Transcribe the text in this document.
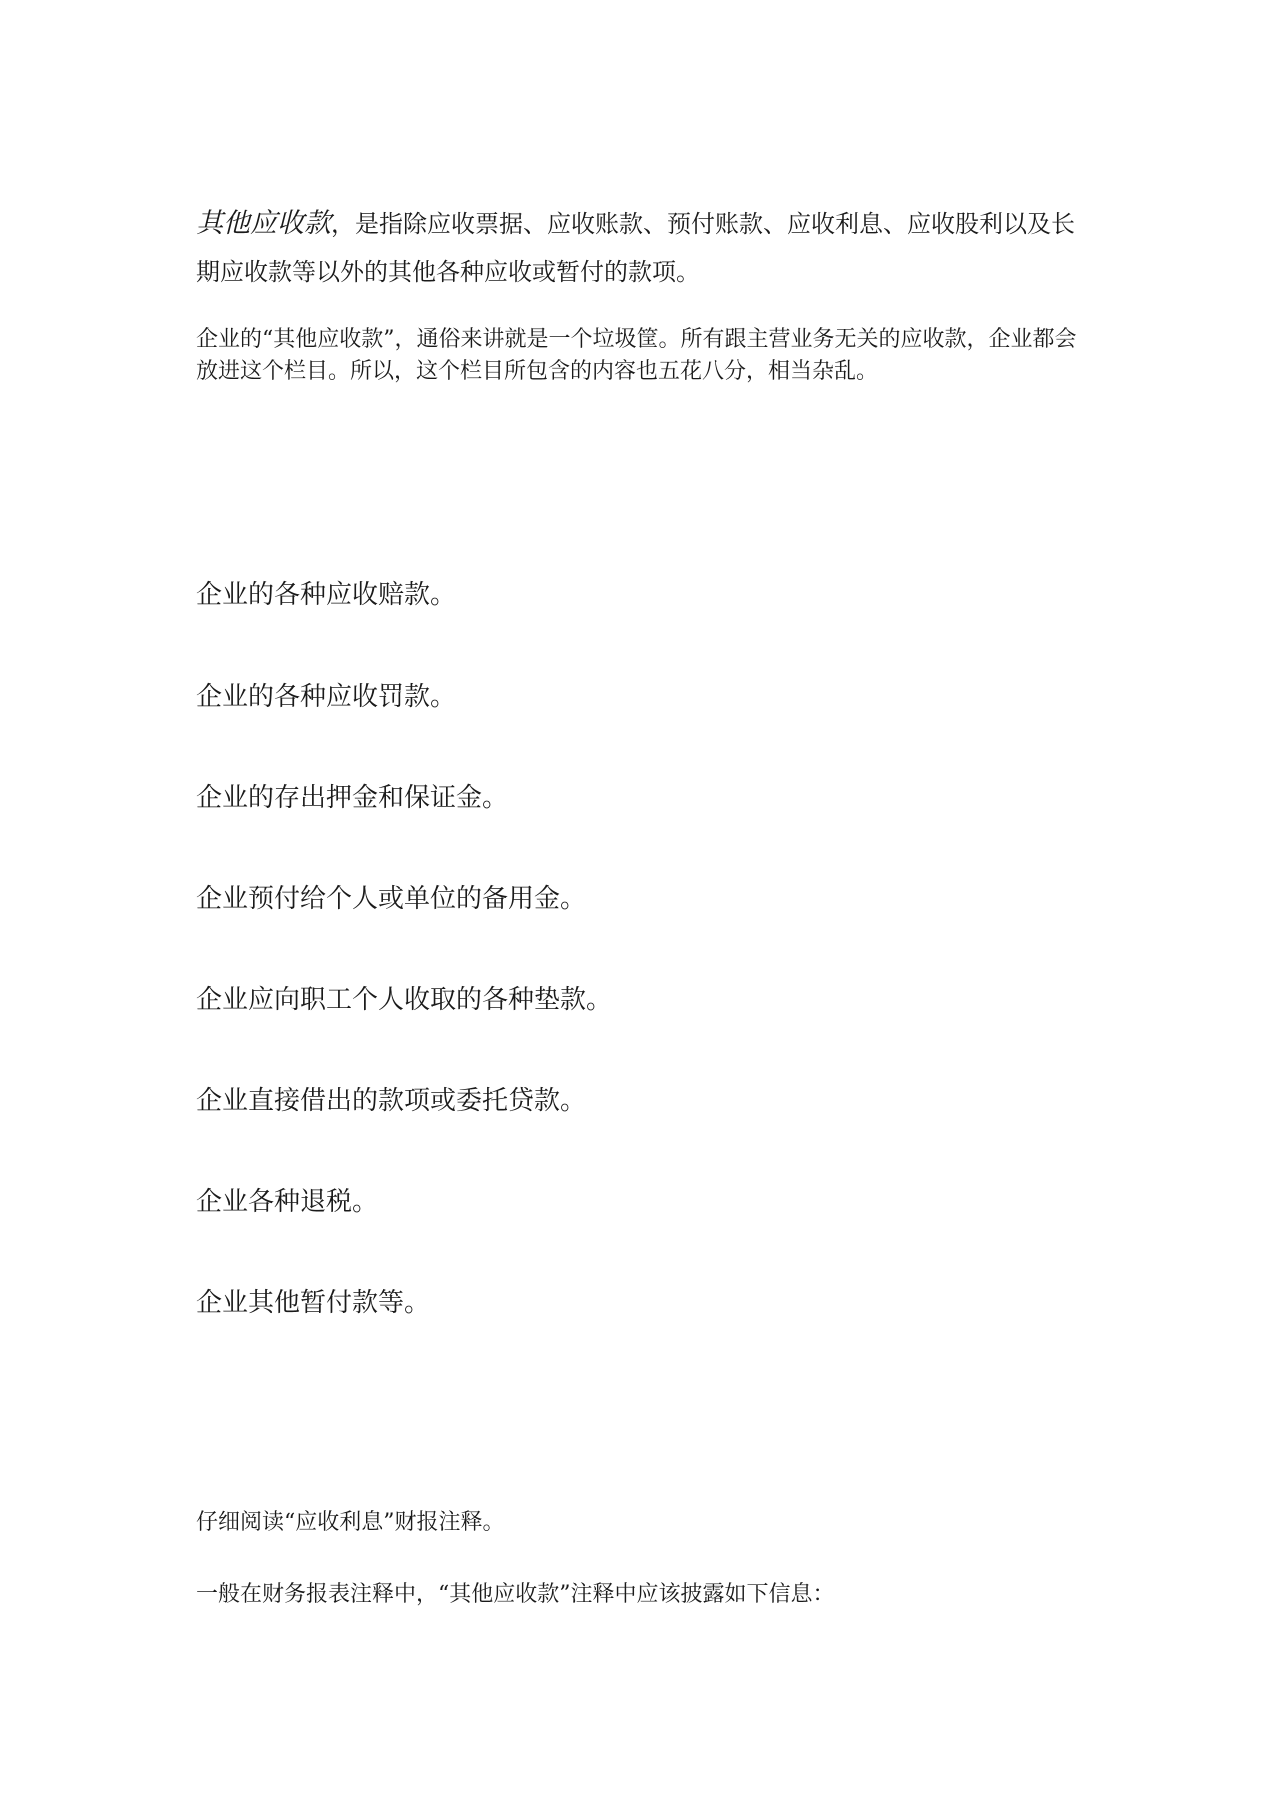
其他应收款，是指除应收票据、应收账款、预付账款、应收利息、应收股利以及长期应收款等以外的其他各种应收或暂付的款项。

企业的“其他应收款”，通俗来讲就是一个垃圾筐。所有跟主营业务无关的应收款，企业都会放进这个栏目。所以，这个栏目所包含的内容也五花八分，相当杂乱。

企业的各种应收赔款。
企业的各种应收罚款。
企业的存出押金和保证金。
企业预付给个人或单位的备用金。
企业应向职工个人收取的各种垫款。
企业直接借出的款项或委托贷款。
企业各种退税。
企业其他暂付款等。
仔细阅读“应收利息”财报注释。
一般在财务报表注释中，“其他应收款”注释中应该披露如下信息：
